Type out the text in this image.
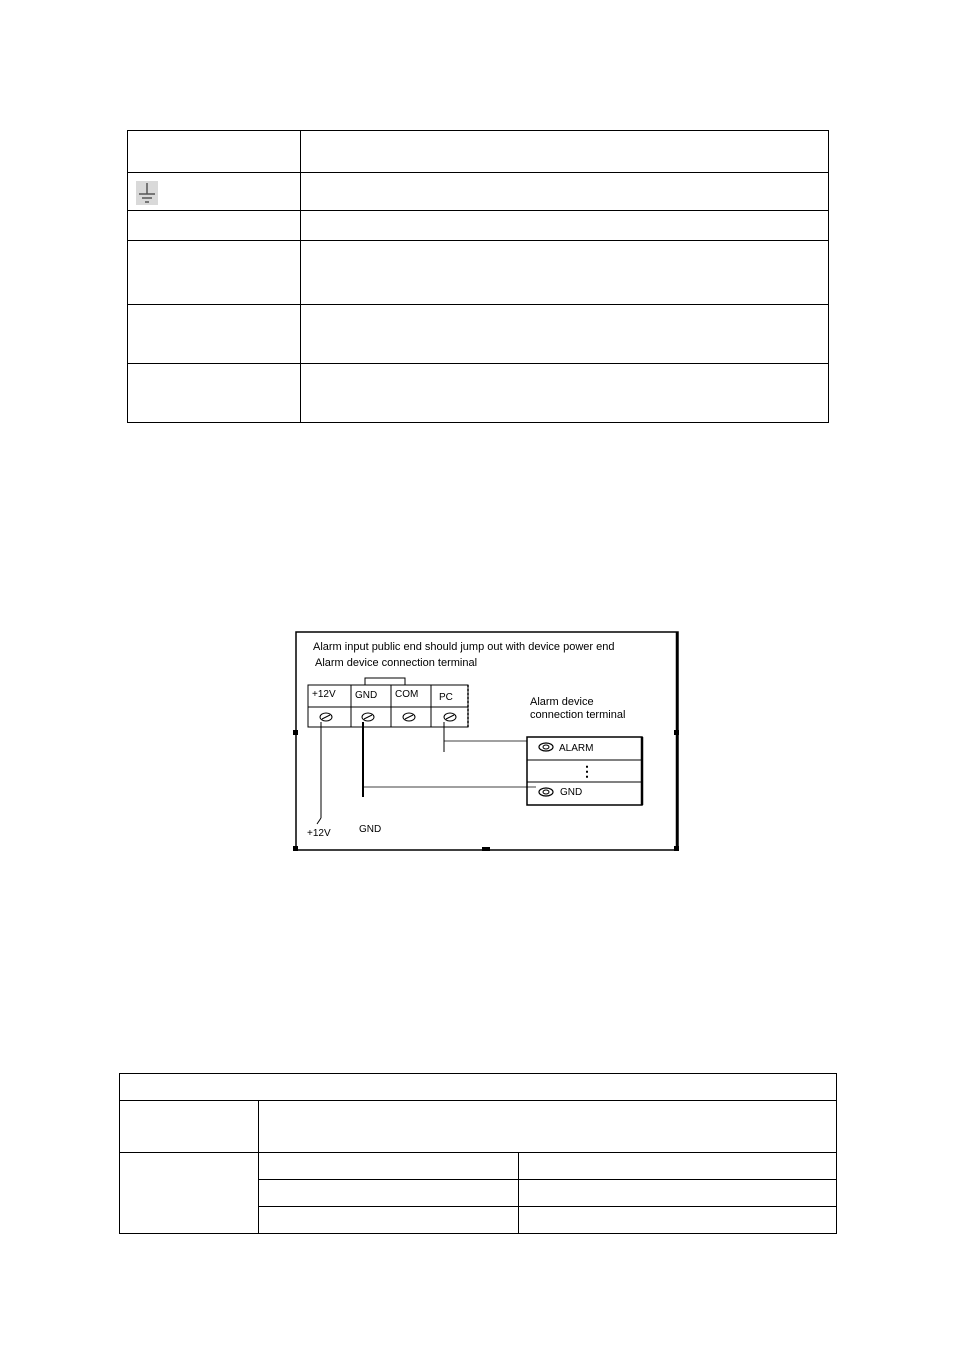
Alarm input public end should jump out with device power end
Alarm device connection terminal
+12V GND COM PC	Alarm device
connection terminal
ALARM
⋮
GND
+12V	GND
